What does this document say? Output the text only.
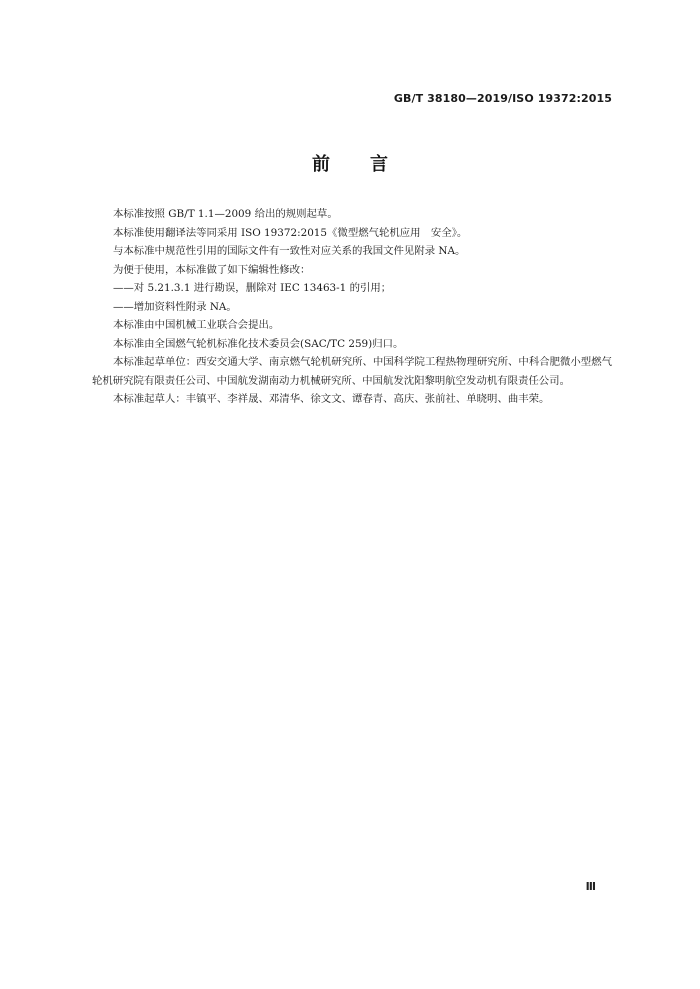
GB/T 38180—2019/ISO 19372:2015
前言

本标准按照 GB/T 1.1—2009 给出的规则起草。

本标准使用翻译法等同采用 ISO 19372:2015《微型燃气轮机应用　安全》。

与本标准中规范性引用的国际文件有一致性对应关系的我国文件见附录 NA。

为便于使用，本标准做了如下编辑性修改：

——对 5.21.3.1 进行勘误，删除对 IEC 13463-1 的引用；

——增加资料性附录 NA。

本标准由中国机械工业联合会提出。

本标准由全国燃气轮机标准化技术委员会(SAC/TC 259)归口。

本标准起草单位：西安交通大学、南京燃气轮机研究所、中国科学院工程热物理研究所、中科合肥微小型燃气轮机研究院有限责任公司、中国航发湖南动力机械研究所、中国航发沈阳黎明航空发动机有限责任公司。

本标准起草人：丰镇平、李祥晟、邓清华、徐文文、谭春青、高庆、张前社、单晓明、曲丰荣。

Ⅲ
